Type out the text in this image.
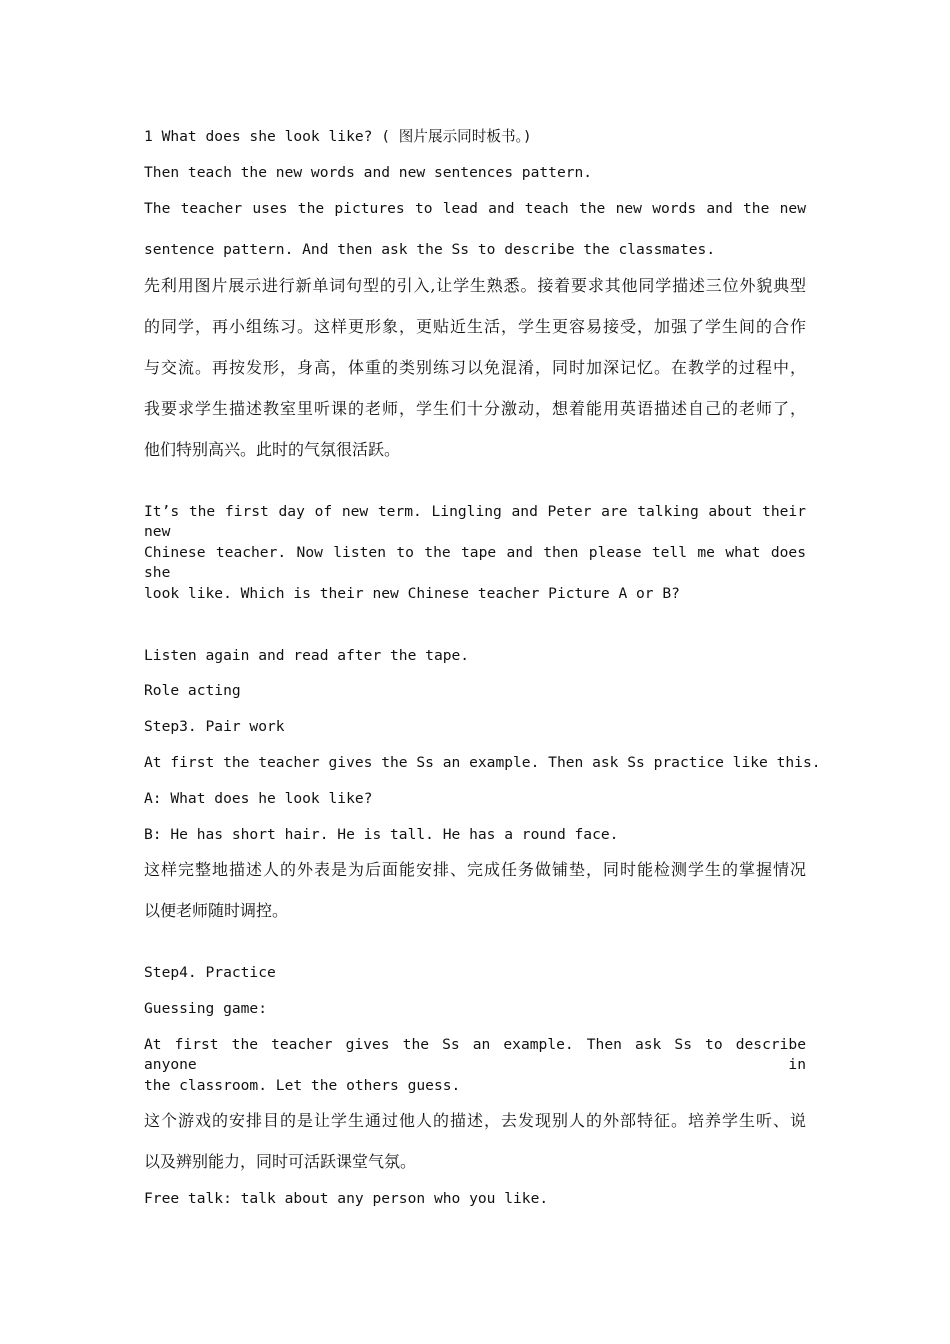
1 What does she look like? ( 图片展示同时板书。)
Then teach the new words and new sentences pattern.
The teacher uses the pictures to lead and teach the new words and the new
sentence pattern. And then ask the Ss to describe the classmates.
先利用图片展示进行新单词句型的引入,让学生熟悉。接着要求其他同学描述三位外貌典型
的同学，再小组练习。这样更形象，更贴近生活，学生更容易接受，加强了学生间的合作
与交流。再按发形，身高，体重的类别练习以免混淆，同时加深记忆。在教学的过程中，
我要求学生描述教室里听课的老师，学生们十分激动，想着能用英语描述自己的老师了，
他们特别高兴。此时的气氛很活跃。
It’s the first day of new term. Lingling and Peter are talking about their new
Chinese teacher. Now listen to the tape and then please tell me what does she
look like. Which is their new Chinese teacher Picture A or B?
Listen again and read after the tape.
Role acting
Step3. Pair work
At first the teacher gives the Ss an example. Then ask Ss practice like this.
A: What does he look like?
B: He has short hair. He is tall. He has a round face.
这样完整地描述人的外表是为后面能安排、完成任务做铺垫，同时能检测学生的掌握情况
以便老师随时调控。
Step4. Practice
Guessing game:
At first the teacher gives the Ss an example. Then ask Ss to describe anyone in
the classroom. Let the others guess.
这个游戏的安排目的是让学生通过他人的描述，去发现别人的外部特征。培养学生听、说
以及辨别能力，同时可活跃课堂气氛。
Free talk: talk about any person who you like.
